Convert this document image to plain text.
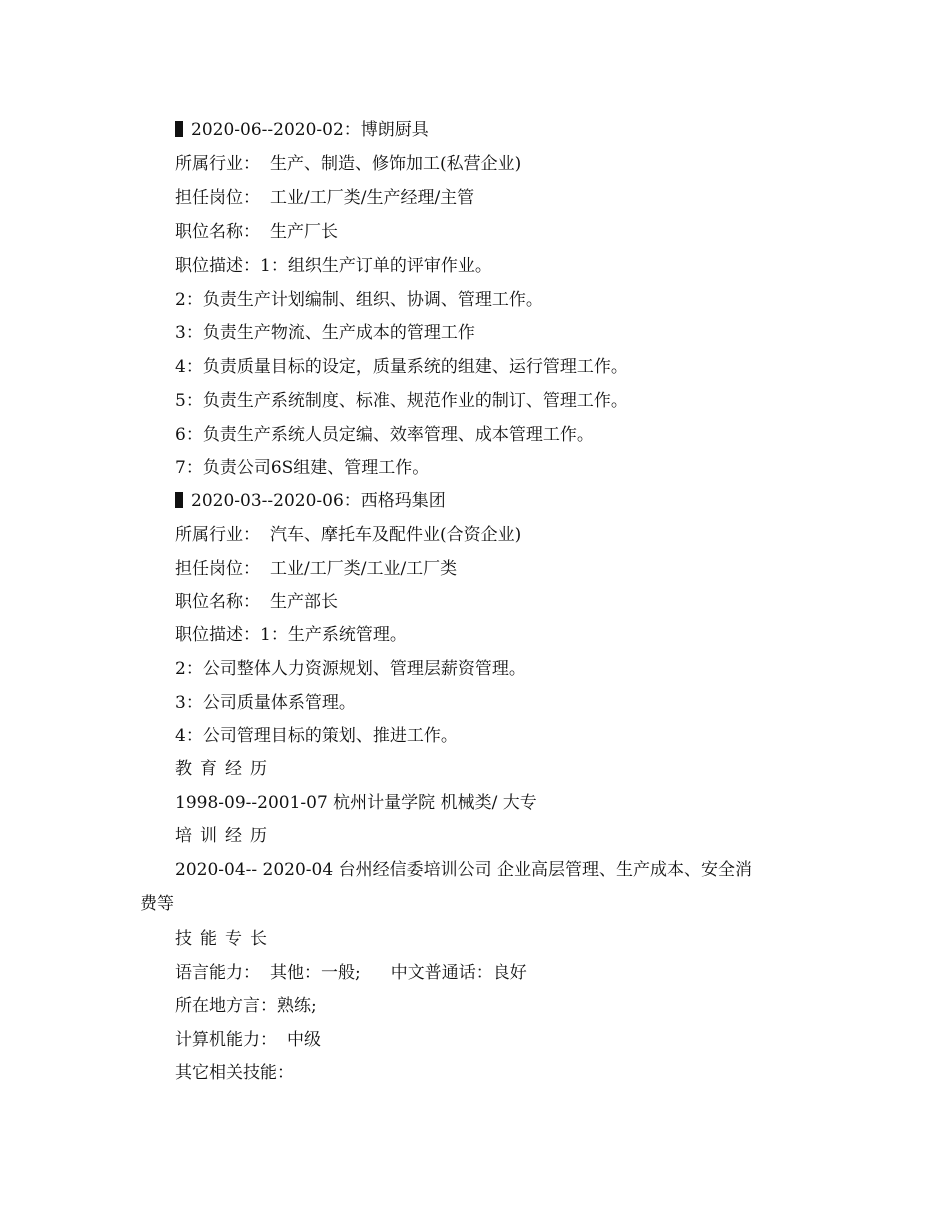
2020-06--2020-02：博朗厨具
所属行业： 生产、制造、修饰加工(私营企业)
担任岗位： 工业/工厂类/生产经理/主管
职位名称： 生产厂长
职位描述：1：组织生产订单的评审作业。
2：负责生产计划编制、组织、协调、管理工作。
3：负责生产物流、生产成本的管理工作
4：负责质量目标的设定，质量系统的组建、运行管理工作。
5：负责生产系统制度、标准、规范作业的制订、管理工作。
6：负责生产系统人员定编、效率管理、成本管理工作。
7：负责公司6S组建、管理工作。
2020-03--2020-06：西格玛集团
所属行业： 汽车、摩托车及配件业(合资企业)
担任岗位： 工业/工厂类/工业/工厂类
职位名称： 生产部长
职位描述：1：生产系统管理。
2：公司整体人力资源规划、管理层薪资管理。
3：公司质量体系管理。
4：公司管理目标的策划、推进工作。
教育经历
1998-09--2001-07 杭州计量学院 机械类/ 大专
培训经历
2020-04-- 2020-04 台州经信委培训公司 企业高层管理、生产成本、安全消
费等
技能专长
语言能力： 其他：一般; 中文普通话：良好
所在地方言：熟练;
计算机能力： 中级
其它相关技能：
